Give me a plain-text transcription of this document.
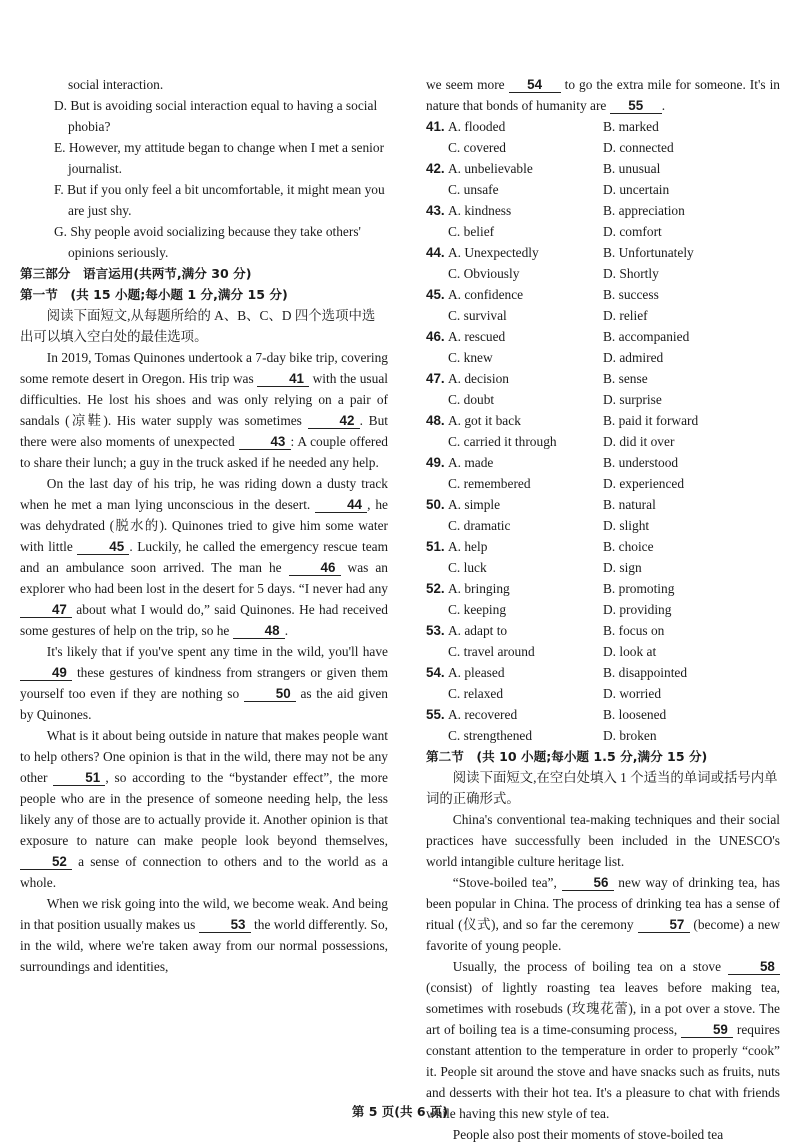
social interaction.

D. But is avoiding social interaction equal to having a social phobia?

E. However, my attitude began to change when I met a senior journalist.

F. But if you only feel a bit uncomfortable, it might mean you are just shy.

G. Shy people avoid socializing because they take others' opinions seriously.

第三部分　语言运用(共两节,满分 30 分)

第一节　(共 15 小题;每小题 1 分,满分 15 分)

阅读下面短文,从每题所给的 A、B、C、D 四个选项中选出可以填入空白处的最佳选项。

In 2019, Tomas Quinones undertook a 7-day bike trip, covering some remote desert in Oregon. His trip was 41 with the usual difficulties. He lost his shoes and was only relying on a pair of sandals (凉鞋). His water supply was sometimes 42 . But there were also moments of unexpected 43 : A couple offered to share their lunch; a guy in the truck asked if he needed any help.

On the last day of his trip, he was riding down a dusty track when he met a man lying unconscious in the desert. 44 , he was dehydrated (脱水的). Quinones tried to give him some water with little 45 . Luckily, he called the emergency rescue team and an ambulance soon arrived. The man he 46 was an explorer who had been lost in the desert for 5 days. “I never had any 47 about what I would do,” said Quinones. He had received some gestures of help on the trip, so he 48 .

It's likely that if you've spent any time in the wild, you'll have 49 these gestures of kindness from strangers or given them yourself too even if they are nothing so 50 as the aid given by Quinones.

What is it about being outside in nature that makes people want to help others? One opinion is that in the wild, there may not be any other 51 , so according to the “bystander effect”, the more people who are in the presence of someone needing help, the less likely any of those are to actually provide it. Another opinion is that exposure to nature can make people look beyond themselves, 52 a sense of connection to others and to the world as a whole.

When we risk going into the wild, we become weak. And being in that position usually makes us 53 the world differently. So, in the wild, where we're taken away from our normal possessions, surroundings and identities,

we seem more 54 to go the extra mile for someone. It's in nature that bonds of humanity are 55 .

41.	A. flooded	B. marked
	C. covered	D. connected
42.	A. unbelievable	B. unusual
	C. unsafe	D. uncertain
43.	A. kindness	B. appreciation
	C. belief	D. comfort
44.	A. Unexpectedly	B. Unfortunately
	C. Obviously	D. Shortly
45.	A. confidence	B. success
	C. survival	D. relief
46.	A. rescued	B. accompanied
	C. knew	D. admired
47.	A. decision	B. sense
	C. doubt	D. surprise
48.	A. got it back	B. paid it forward
	C. carried it through	D. did it over
49.	A. made	B. understood
	C. remembered	D. experienced
50.	A. simple	B. natural
	C. dramatic	D. slight
51.	A. help	B. choice
	C. luck	D. sign
52.	A. bringing	B. promoting
	C. keeping	D. providing
53.	A. adapt to	B. focus on
	C. travel around	D. look at
54.	A. pleased	B. disappointed
	C. relaxed	D. worried
55.	A. recovered	B. loosened
	C. strengthened	D. broken

第二节　(共 10 小题;每小题 1.5 分,满分 15 分)

阅读下面短文,在空白处填入 1 个适当的单词或括号内单词的正确形式。

China's conventional tea-making techniques and their social practices have successfully been included in the UNESCO's world intangible culture heritage list.

“Stove-boiled tea”, 56 new way of drinking tea, has been popular in China. The process of drinking tea has a sense of ritual (仪式), and so far the ceremony 57 (become) a new favorite of young people.

Usually, the process of boiling tea on a stove 58 (consist) of lightly roasting tea leaves before making tea, sometimes with rosebuds (玫瑰花蕾), in a pot over a stove. The art of boiling tea is a time-consuming process, 59 requires constant attention to the temperature in order to properly “cook” it. People sit around the stove and have snacks such as fruits, nuts and desserts with their hot tea. It's a pleasure to chat with friends while having this new style of tea.

People also post their moments of stove-boiled tea

第 5 页(共 6 页)
